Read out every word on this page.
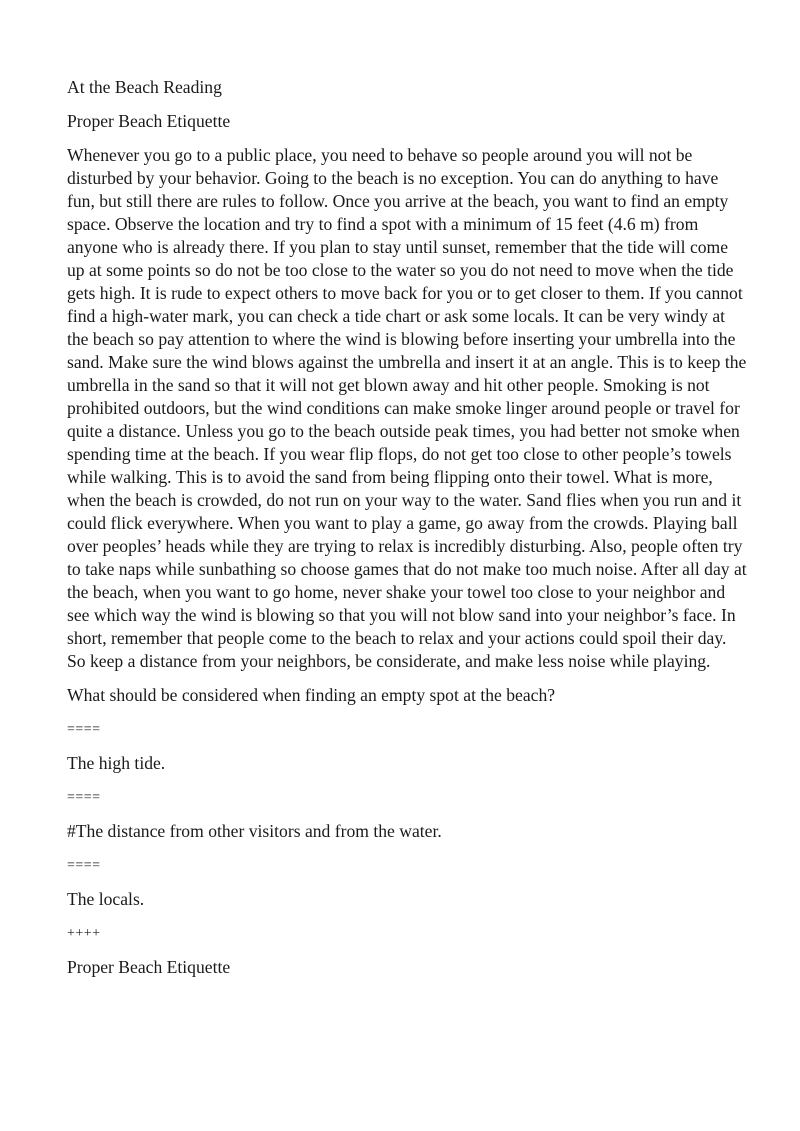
At the Beach Reading

Proper Beach Etiquette

Whenever you go to a public place, you need to behave so people around you will not be disturbed by your behavior. Going to the beach is no exception. You can do anything to have fun, but still there are rules to follow. Once you arrive at the beach, you want to find an empty space. Observe the location and try to find a spot with a minimum of 15 feet (4.6 m) from anyone who is already there. If you plan to stay until sunset, remember that the tide will come up at some points so do not be too close to the water so you do not need to move when the tide gets high. It is rude to expect others to move back for you or to get closer to them. If you cannot find a high-water mark, you can check a tide chart or ask some locals. It can be very windy at the beach so pay attention to where the wind is blowing before inserting your umbrella into the sand. Make sure the wind blows against the umbrella and insert it at an angle. This is to keep the umbrella in the sand so that it will not get blown away and hit other people. Smoking is not prohibited outdoors, but the wind conditions can make smoke linger around people or travel for quite a distance. Unless you go to the beach outside peak times, you had better not smoke when spending time at the beach. If you wear flip flops, do not get too close to other people’s towels while walking. This is to avoid the sand from being flipping onto their towel. What is more, when the beach is crowded, do not run on your way to the water. Sand flies when you run and it could flick everywhere. When you want to play a game, go away from the crowds. Playing ball over peoples’ heads while they are trying to relax is incredibly disturbing. Also, people often try to take naps while sunbathing so choose games that do not make too much noise. After all day at the beach, when you want to go home, never shake your towel too close to your neighbor and see which way the wind is blowing so that you will not blow sand into your neighbor’s face. In short, remember that people come to the beach to relax and your actions could spoil their day. So keep a distance from your neighbors, be considerate, and make less noise while playing.

What should be considered when finding an empty spot at the beach?

====

The high tide.

====

#The distance from other visitors and from the water.

====

The locals.

++++

Proper Beach Etiquette
